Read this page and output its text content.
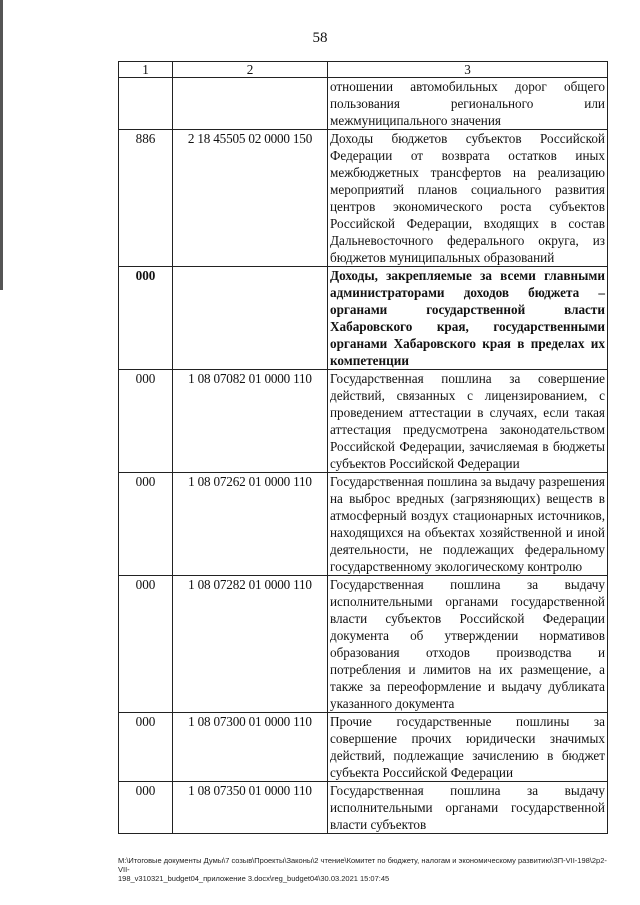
58
1	2	3
		отношении автомобильных дорог общего пользования регионального или межмуниципального значения
886	2 18 45505 02 0000 150	Доходы бюджетов субъектов Российской Федерации от возврата остатков иных межбюджетных трансфертов на реализацию мероприятий планов социального развития центров экономического роста субъектов Российской Федерации, входящих в состав Дальневосточного федерального округа, из бюджетов муниципальных образований
000		Доходы, закрепляемые за всеми главными администраторами доходов бюджета – органами государственной власти Хабаровского края, государственными органами Хабаровского края в пределах их компетенции
000	1 08 07082 01 0000 110	Государственная пошлина за совершение действий, связанных с лицензированием, с проведением аттестации в случаях, если такая аттестация предусмотрена законодательством Российской Федерации, зачисляемая в бюджеты субъектов Российской Федерации
000	1 08 07262 01 0000 110	Государственная пошлина за выдачу разрешения на выброс вредных (загрязняющих) веществ в атмосферный воздух стационарных источников, находящихся на объектах хозяйственной и иной деятельности, не подлежащих федеральному государственному экологическому контролю
000	1 08 07282 01 0000 110	Государственная пошлина за выдачу исполнительными органами государственной власти субъектов Российской Федерации документа об утверждении нормативов образования отходов производства и потребления и лимитов на их размещение, а также за переоформление и выдачу дубликата указанного документа
000	1 08 07300 01 0000 110	Прочие государственные пошлины за совершение прочих юридически значимых действий, подлежащие зачислению в бюджет субъекта Российской Федерации
000	1 08 07350 01 0000 110	Государственная пошлина за выдачу исполнительными органами государственной власти субъектов
M:\Итоговые документы Думы\7 созыв\Проекты\Законы\2 чтение\Комитет по бюджету, налогам и экономическому развитию\ЗП-VII-198\2р2-VII-
198_v310321_budget04_приложение 3.docx\reg_budget04\30.03.2021 15:07:45
